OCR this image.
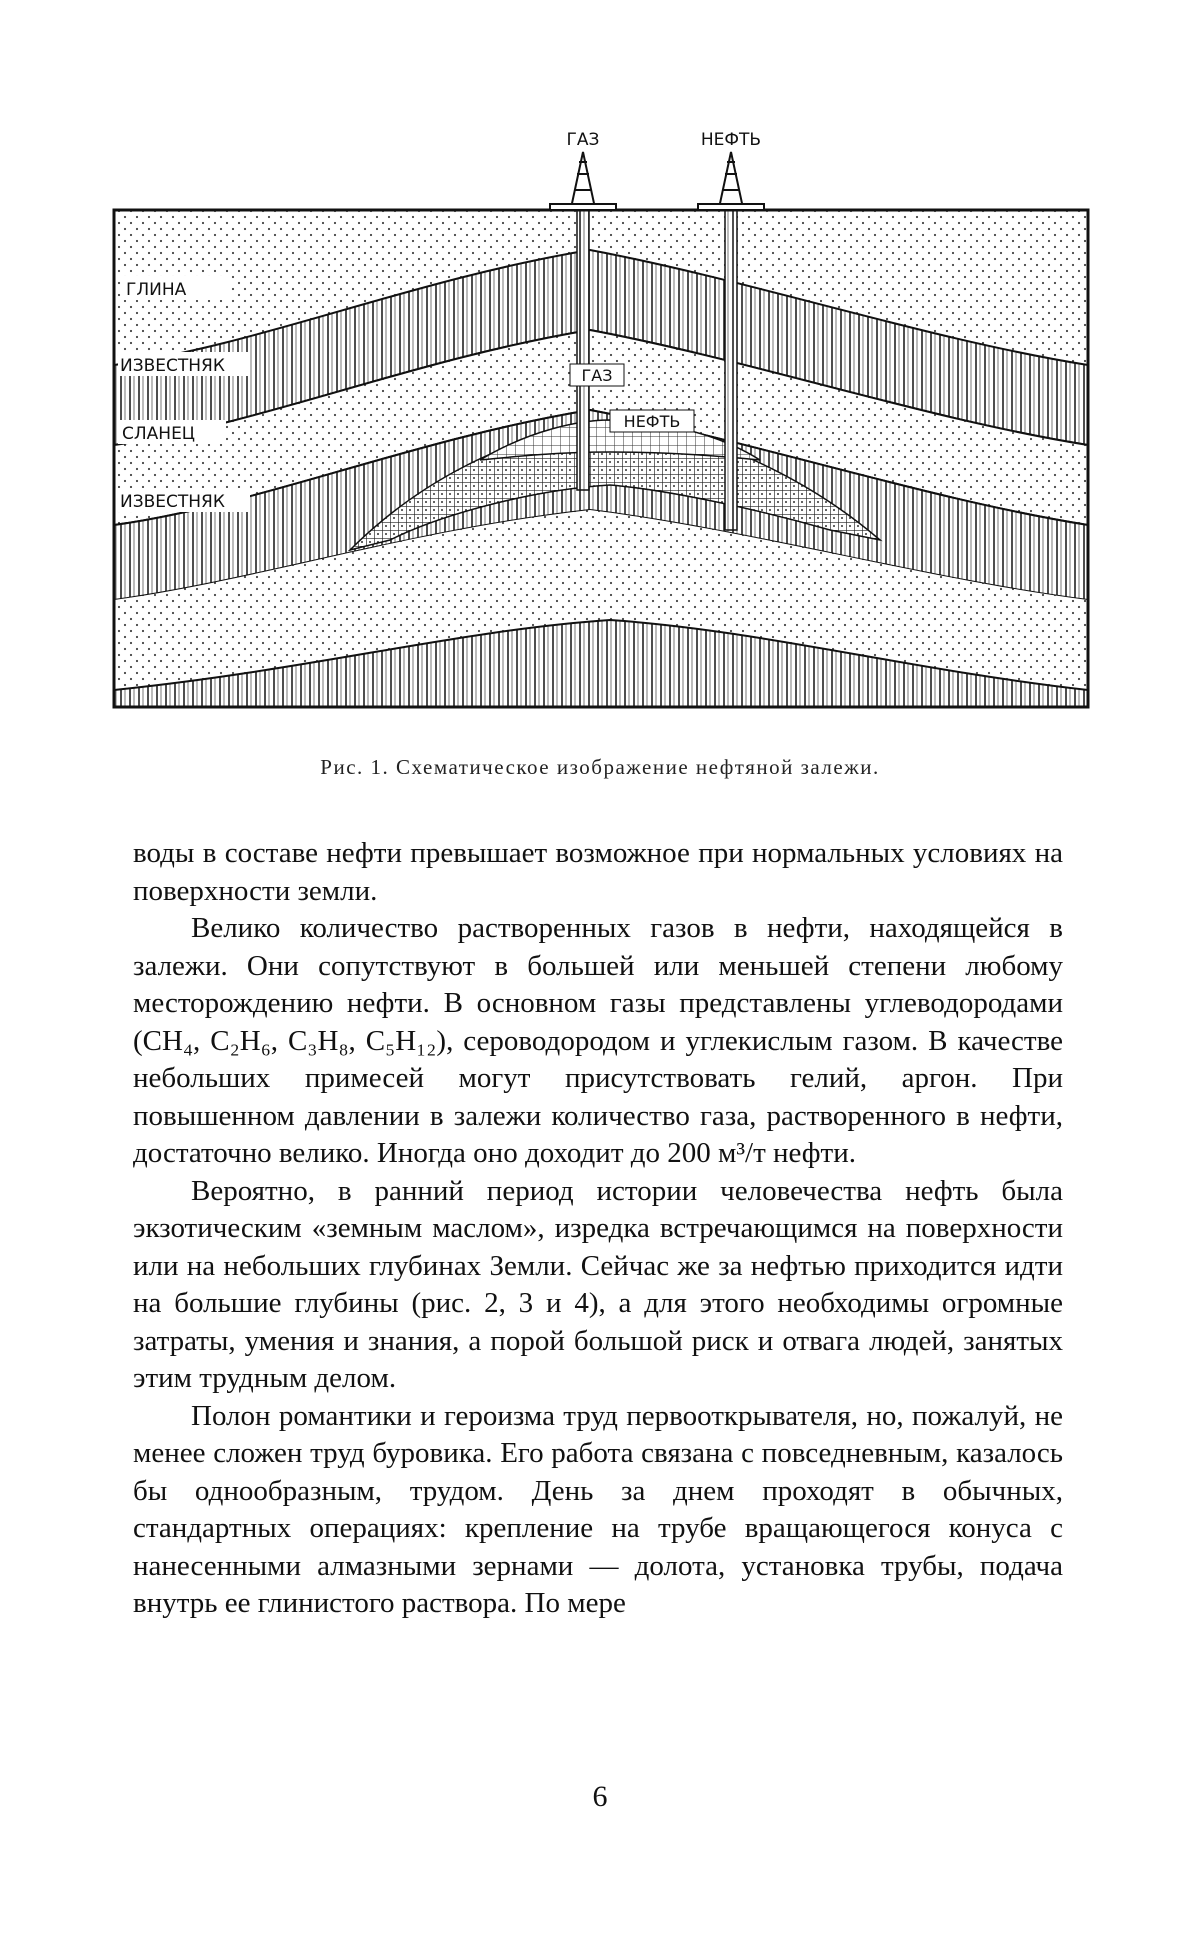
ГАЗ	НЕФТЬ
ГЛИНА
ИЗВЕСТНЯК
СЛАНЕЦ
ИЗВЕСТНЯК
ГАЗ
НЕФТЬ
Рис. 1. Схематическое изображение нефтяной залежи.

воды в составе нефти превышает возможное при нормальных условиях на поверхности земли.

Велико количество растворенных газов в нефти, находящейся в залежи. Они сопутствуют в большей или меньшей степени любому месторождению нефти. В основном газы представлены углеводородами (CH₄, C₂H₆, C₃H₈, C₅H₁₂), сероводородом и углекислым газом. В качестве небольших примесей могут присутствовать гелий, аргон. При повышенном давлении в залежи количество газа, растворенного в нефти, достаточно велико. Иногда оно доходит до 200 м³/т нефти.

Вероятно, в ранний период истории человечества нефть была экзотическим «земным маслом», изредка встречающимся на поверхности или на небольших глубинах Земли. Сейчас же за нефтью приходится идти на большие глубины (рис. 2, 3 и 4), а для этого необходимы огромные затраты, умения и знания, а порой большой риск и отвага людей, занятых этим трудным делом.

Полон романтики и героизма труд первооткрывателя, но, пожалуй, не менее сложен труд буровика. Его работа связана с повседневным, казалось бы однообразным, трудом. День за днем проходят в обычных, стандартных операциях: крепление на трубе вращающегося конуса с нанесенными алмазными зернами — долота, установка трубы, подача внутрь ее глинистого раствора. По мере

6
